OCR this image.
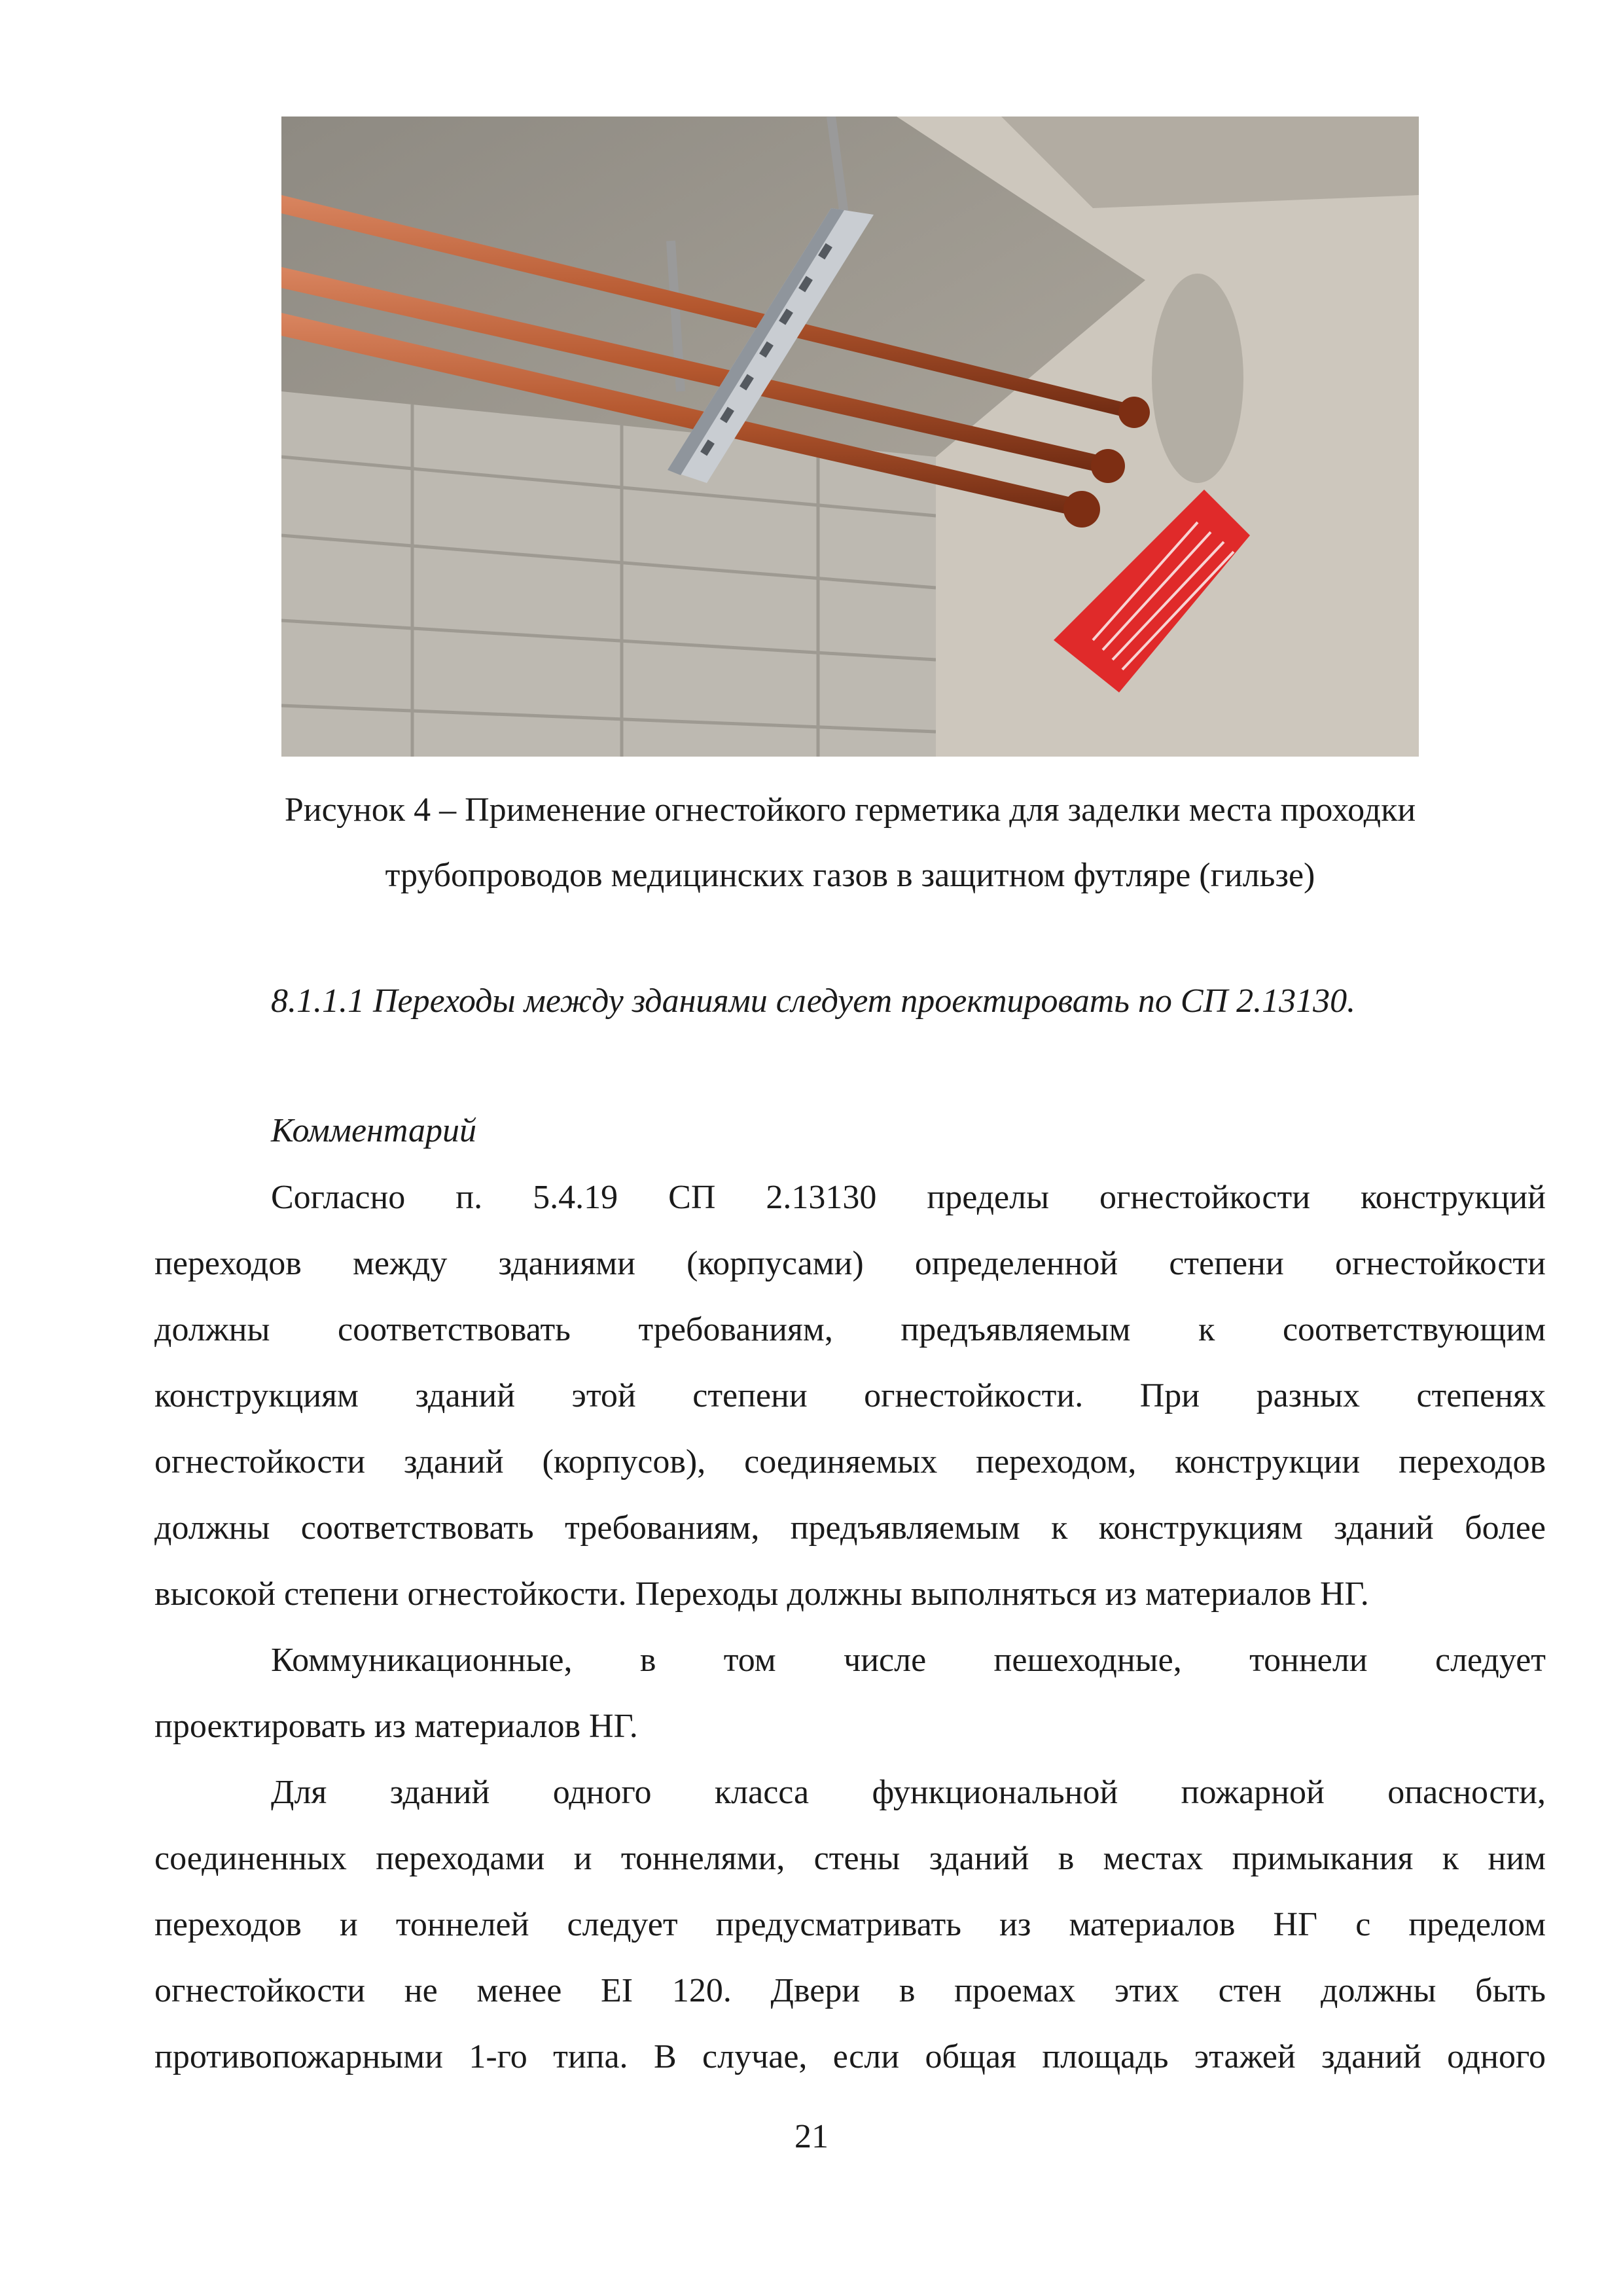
Рисунок 4 – Применение огнестойкого герметика для заделки места проходки
трубопроводов медицинских газов в защитном футляре (гильзе)
8.1.1.1 Переходы между зданиями следует проектировать по СП 2.13130.
Комментарий
Согласно п. 5.4.19 СП 2.13130 пределы огнестойкости конструкций
переходов между зданиями (корпусами) определенной степени огнестойкости
должны соответствовать требованиям, предъявляемым к соответствующим
конструкциям зданий этой степени огнестойкости. При разных степенях
огнестойкости зданий (корпусов), соединяемых переходом, конструкции переходов
должны соответствовать требованиям, предъявляемым к конструкциям зданий более
высокой степени огнестойкости. Переходы должны выполняться из материалов НГ.
Коммуникационные, в том числе пешеходные, тоннели следует
проектировать из материалов НГ.
Для зданий одного класса функциональной пожарной опасности,
соединенных переходами и тоннелями, стены зданий в местах примыкания к ним
переходов и тоннелей следует предусматривать из материалов НГ с пределом
огнестойкости не менее EI 120. Двери в проемах этих стен должны быть
противопожарными 1-го типа. В случае, если общая площадь этажей зданий одного
21
